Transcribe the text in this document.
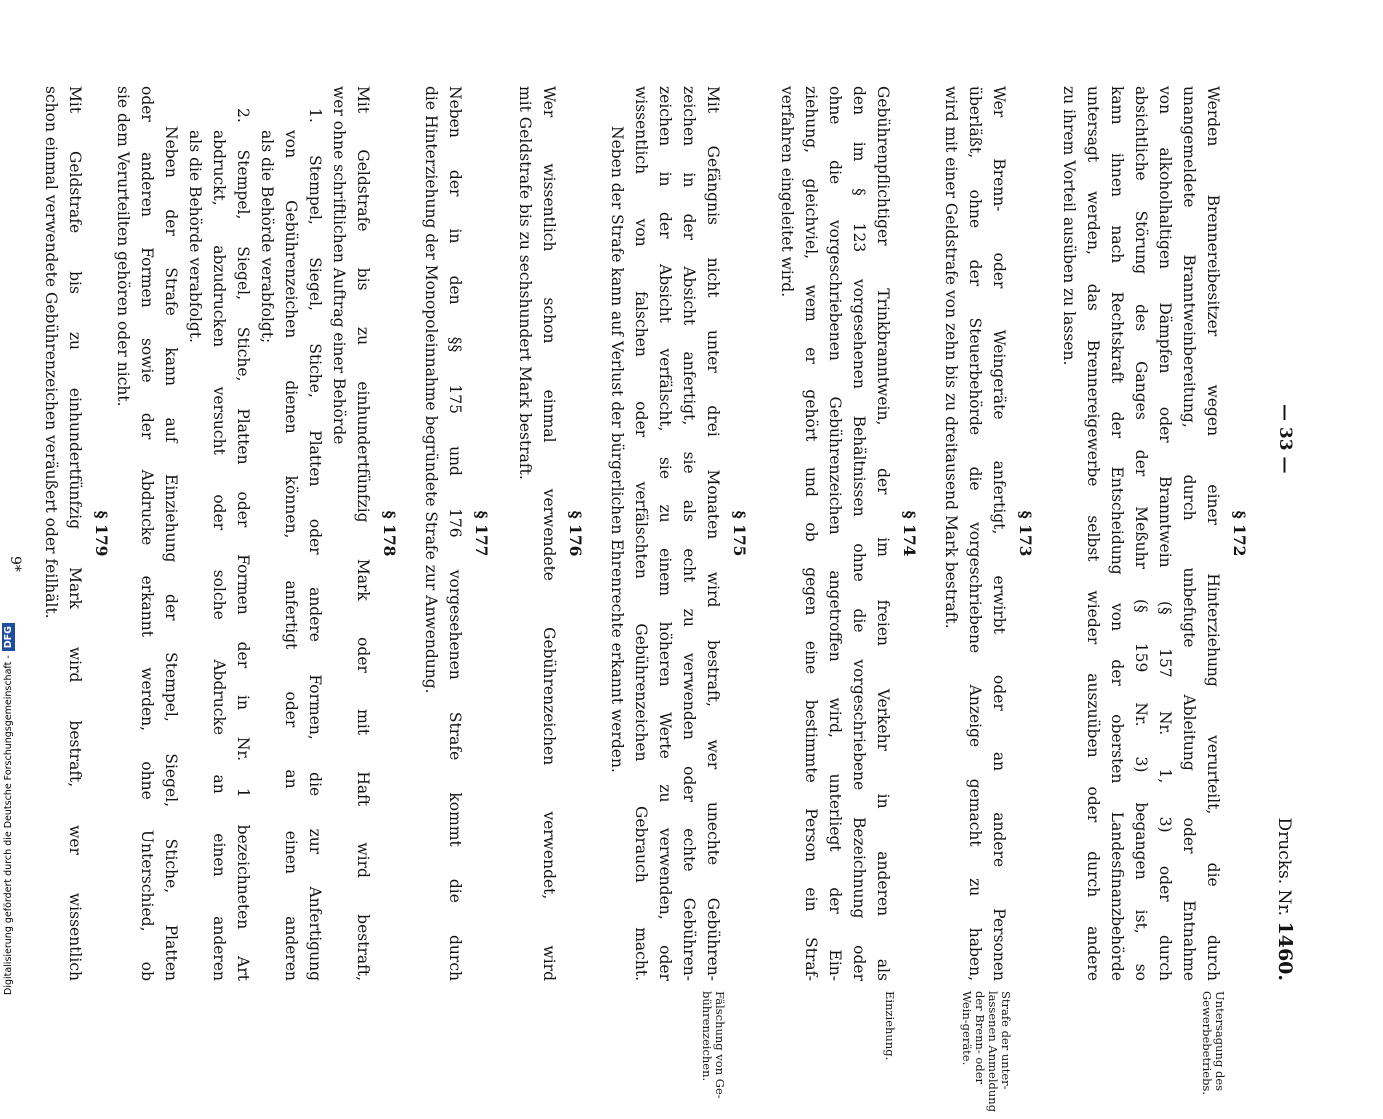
— 33 —
Drucks. Nr. 1460.
§ 172
Werden Brennereibesitzer wegen einer Hinterziehung verurteilt, die durch
unangemeldete Branntweinbereitung, durch unbefugte Ableitung oder Entnahme
von alkoholhaltigen Dämpfen oder Branntwein (§ 157 Nr. 1, 3) oder durch
absichtliche Störung des Ganges der Meßuhr (§ 159 Nr. 3) begangen ist, so
kann ihnen nach Rechtskraft der Entscheidung von der obersten Landesfinanzbehörde
untersagt werden, das Brennereigewerbe selbst wieder auszuüben oder durch andere
zu ihrem Vorteil ausüben zu lassen.
§ 173
Wer Brenn- oder Weingeräte anfertigt, erwirbt oder an andere Personen
überläßt, ohne der Steuerbehörde die vorgeschriebene Anzeige gemacht zu haben,
wird mit einer Geldstrafe von zehn bis zu dreitausend Mark bestraft.
§ 174
Gebührenpflichtiger Trinkbranntwein, der im freien Verkehr in anderen als
den im § 123 vorgesehenen Behältnissen ohne die vorgeschriebene Bezeichnung oder
ohne die vorgeschriebenen Gebührenzeichen angetroffen wird, unterliegt der Ein-
ziehung, gleichviel, wem er gehört und ob gegen eine bestimmte Person ein Straf-
verfahren eingeleitet wird.
§ 175
Mit Gefängnis nicht unter drei Monaten wird bestraft, wer unechte Gebühren-
zeichen in der Absicht anfertigt, sie als echt zu verwenden oder echte Gebühren-
zeichen in der Absicht verfälscht, sie zu einem höheren Werte zu verwenden, oder
wissentlich von falschen oder verfälschten Gebührenzeichen Gebrauch macht.
Neben der Strafe kann auf Verlust der bürgerlichen Ehrenrechte erkannt werden.
§ 176
Wer wissentlich schon einmal verwendete Gebührenzeichen verwendet, wird
mit Geldstrafe bis zu sechshundert Mark bestraft.
§ 177
Neben der in den §§ 175 und 176 vorgesehenen Strafe kommt die durch
die Hinterziehung der Monopoleinnahme begründete Strafe zur Anwendung.
§ 178
Mit Geldstrafe bis zu einhundertfünfzig Mark oder mit Haft wird bestraft,
wer ohne schriftlichen Auftrag einer Behörde
1. Stempel, Siegel, Stiche, Platten oder andere Formen, die zur Anfertigung
von Gebührenzeichen dienen können, anfertigt oder an einen anderen
als die Behörde verabfolgt;
2. Stempel, Siegel, Stiche, Platten oder Formen der in Nr. 1 bezeichneten Art
abdruckt, abzudrucken versucht oder solche Abdrucke an einen anderen
als die Behörde verabfolgt.
Neben der Strafe kann auf Einziehung der Stempel, Siegel, Stiche, Platten
oder anderen Formen sowie der Abdrucke erkannt werden, ohne Unterschied, ob
sie dem Verurteilten gehören oder nicht.
§ 179
Untersagung des Gewerbebetriebs.
Strafe der unter-lassenen Anmeldung der Brenn- oder Wein-geräte.
Einziehung.
Fälschung von Ge-bührenzeichen.
Mit Geldstrafe bis zu einhundertfünfzig Mark wird bestraft, wer wissentlich
schon einmal verwendete Gebührenzeichen veräußert oder feilhält.
9*
Digitalisierung gefördert durch die Deutsche Forschungsgemeinschaft -DFG
